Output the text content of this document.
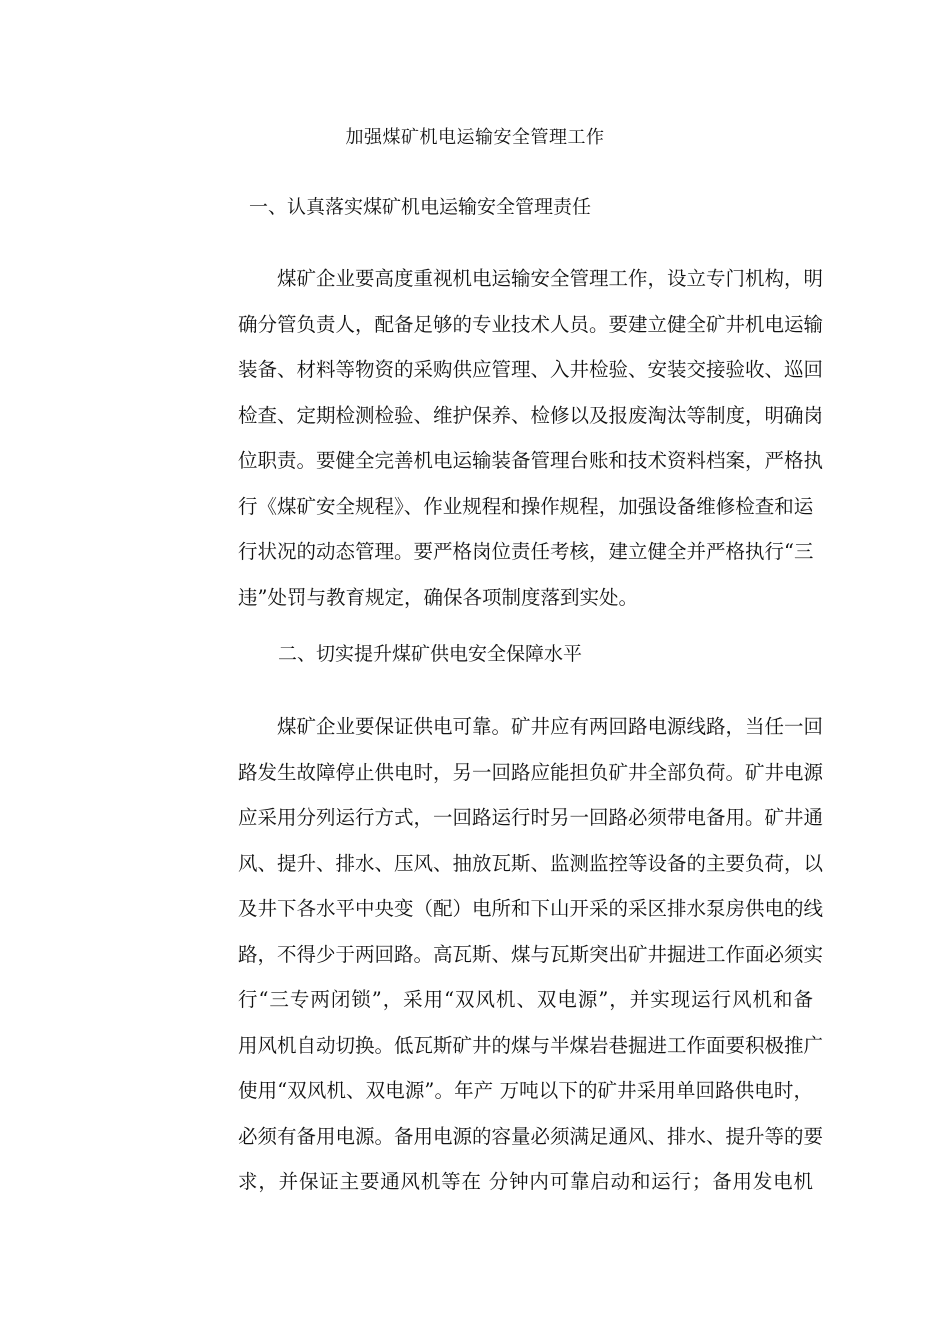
加强煤矿机电运输安全管理工作
一、认真落实煤矿机电运输安全管理责任
煤矿企业要高度重视机电运输安全管理工作，设立专门机构，明
确分管负责人，配备足够的专业技术人员。要建立健全矿井机电运输
装备、材料等物资的采购供应管理、入井检验、安装交接验收、巡回
检查、定期检测检验、维护保养、检修以及报废淘汰等制度，明确岗
位职责。要健全完善机电运输装备管理台账和技术资料档案，严格执
行《煤矿安全规程》、作业规程和操作规程，加强设备维修检查和运
行状况的动态管理。要严格岗位责任考核，建立健全并严格执行“三
违”处罚与教育规定，确保各项制度落到实处。
二、切实提升煤矿供电安全保障水平
煤矿企业要保证供电可靠。矿井应有两回路电源线路，当任一回
路发生故障停止供电时，另一回路应能担负矿井全部负荷。矿井电源
应采用分列运行方式，一回路运行时另一回路必须带电备用。矿井通
风、提升、排水、压风、抽放瓦斯、监测监控等设备的主要负荷，以
及井下各水平中央变（配）电所和下山开采的采区排水泵房供电的线
路，不得少于两回路。高瓦斯、煤与瓦斯突出矿井掘进工作面必须实
行“三专两闭锁”，采用“双风机、双电源”，并实现运行风机和备
用风机自动切换。低瓦斯矿井的煤与半煤岩巷掘进工作面要积极推广
使用“双风机、双电源”。年产 万吨以下的矿井采用单回路供电时，
必须有备用电源。备用电源的容量必须满足通风、排水、提升等的要
求，并保证主要通风机等在 分钟内可靠启动和运行；备用发电机
